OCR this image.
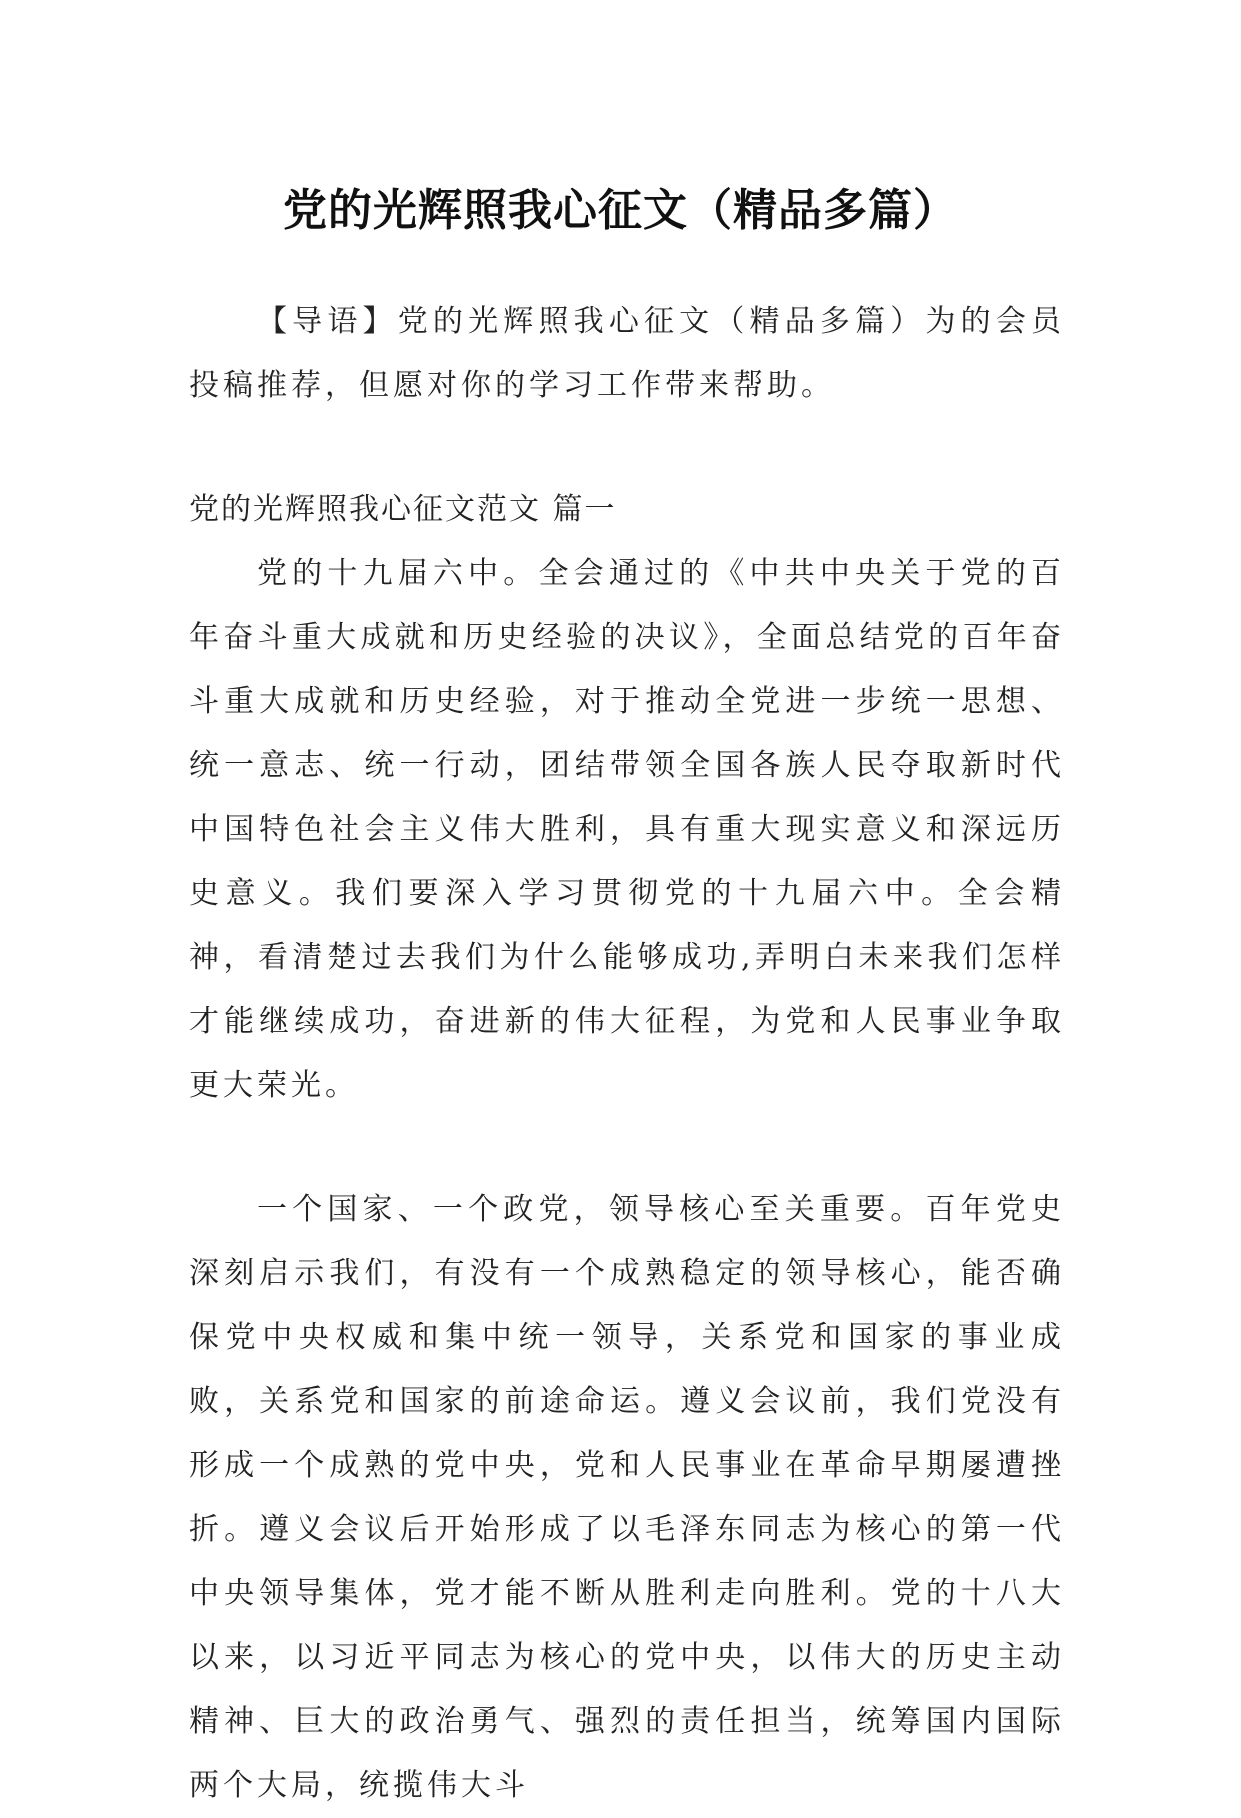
党的光辉照我心征文（精品多篇）

【导语】党的光辉照我心征文（精品多篇）为的会员投稿推荐，但愿对你的学习工作带来帮助。

党的光辉照我心征文范文 篇一

党的十九届六中。全会通过的《中共中央关于党的百年奋斗重大成就和历史经验的决议》，全面总结党的百年奋斗重大成就和历史经验，对于推动全党进一步统一思想、统一意志、统一行动，团结带领全国各族人民夺取新时代中国特色社会主义伟大胜利，具有重大现实意义和深远历史意义。我们要深入学习贯彻党的十九届六中。全会精神，看清楚过去我们为什么能够成功,弄明白未来我们怎样才能继续成功，奋进新的伟大征程，为党和人民事业争取更大荣光。

一个国家、一个政党，领导核心至关重要。百年党史深刻启示我们，有没有一个成熟稳定的领导核心，能否确保党中央权威和集中统一领导，关系党和国家的事业成败，关系党和国家的前途命运。遵义会议前，我们党没有形成一个成熟的党中央，党和人民事业在革命早期屡遭挫折。遵义会议后开始形成了以毛泽东同志为核心的第一代中央领导集体，党才能不断从胜利走向胜利。党的十八大以来，以习近平同志为核心的党中央，以伟大的历史主动精神、巨大的政治勇气、强烈的责任担当，统筹国内国际两个大局，统揽伟大斗
